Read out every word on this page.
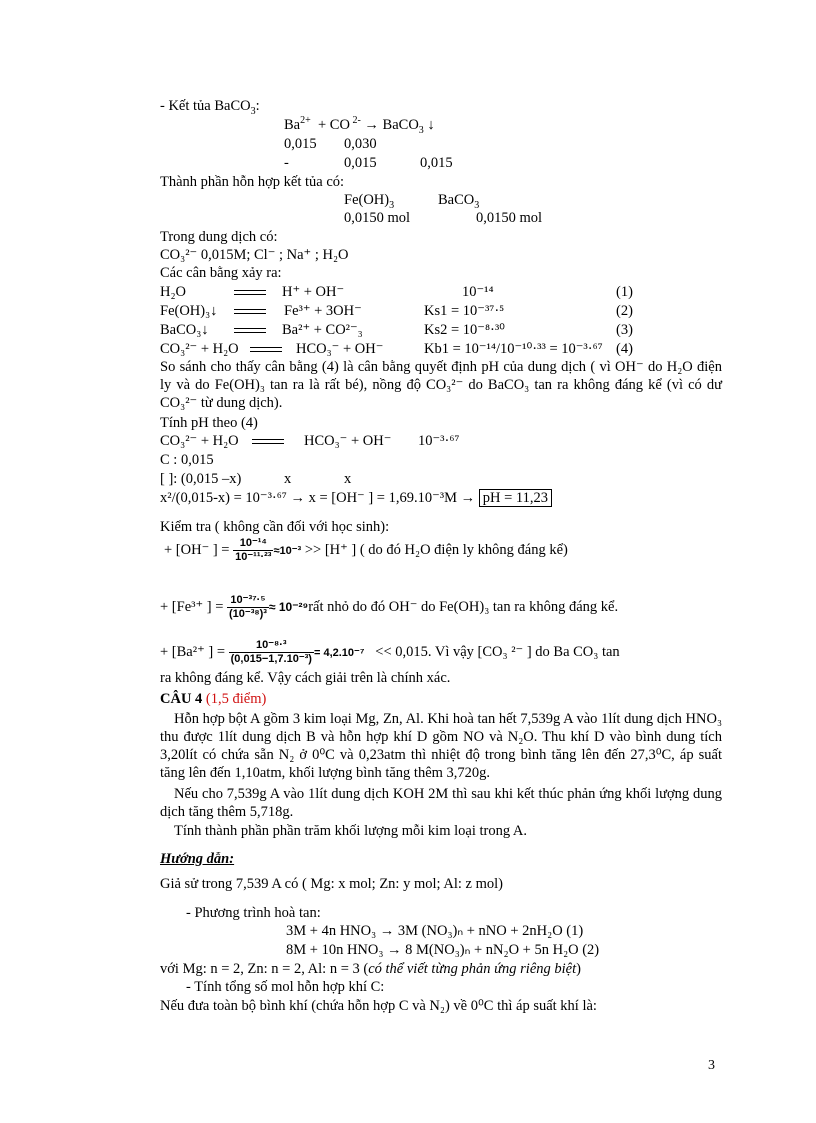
- Kết tủa BaCO$_3$:
$Ba^{2+}$ + CO $^{2-}$ → BaCO$_3$ ↓
0,015 0,030
-	0,015	0,015
Thành phần hỗn hợp kết tủa có:
$Fe(OH)_3$	BaCO$_3$
0,0150 mol	0,0150 mol
Trong dung dịch có:
CO₃²⁻ 0,015M; Cl⁻ ; Na⁺ ; H₂O
Các cân bằng xảy ra:
H₂O	H⁺ + OH⁻	10⁻¹⁴	(1)
Fe(OH)₃↓	Fe³⁺ + 3OH⁻	Ks1 = 10⁻³⁷·⁵	(2)
BaCO₃↓	Ba²⁺ + CO²⁻₃	Ks2 = 10⁻⁸·³⁰	(3)
CO₃²⁻ + H₂O	HCO₃⁻ + OH⁻	Kb1 = 10⁻¹⁴/10⁻¹⁰·³³ = 10⁻³·⁶⁷ (4)
So sánh cho thấy cân bằng (4) là cân bằng quyết định pH của dung dịch ( vì OH⁻ do H₂O điện ly và do Fe(OH)₃ tan ra là rất bé), nồng độ CO₃²⁻ do BaCO₃ tan ra không đáng kể (vì có dư CO₃²⁻ từ dung dịch).
Tính pH theo (4)
CO₃²⁻ + H₂O	HCO₃⁻ + OH⁻ 10⁻³·⁶⁷
C : 0,015
[ ]: (0,015 –x)	x	x
x²/(0,015-x) = 10⁻³·⁶⁷ → x = [OH⁻ ] = 1,69.10⁻³M → pH = 11,23
Kiểm tra ( không cần đối với học sinh):
+ [OH⁻ ] = $\frac{\text{10⁻¹⁴}}{\text{10⁻¹¹·²³}} \approx 10^{-3} >> [H^+$ ] ( do đó H₂O điện ly không đáng kể)
+ [Fe³⁺ ] = $\frac{\text{10⁻³⁷·⁵}}{\text{(10⁻³⁸)³}}$ ≈ 10⁻²⁹rất nhỏ do đó OH⁻ do Fe(OH)₃ tan ra không đáng kể.
+ [Ba²⁺ ] = $\frac{\text{10⁻⁸·³}}{\text{(0,015−1,7.10⁻³)}} = 4,2.10^{-7} << 0,015$. Vì vậy [CO₃ ²⁻ ] do Ba CO₃ tan
ra không đáng kể. Vậy cách giải trên là chính xác.
CÂU 4 (1,5 điểm)
Hỗn hợp bột A gồm 3 kim loại Mg, Zn, Al. Khi hoà tan hết 7,539g A vào 1lít dung dịch HNO₃ thu được 1lít dung dịch B và hỗn hợp khí D gồm NO và N₂O. Thu khí D vào bình dung tích 3,20lít có chứa sẵn N₂ ở 0⁰C và 0,23atm thì nhiệt độ trong bình tăng lên đến 27,3⁰C, áp suất tăng lên đến 1,10atm, khối lượng bình tăng thêm 3,720g.
Nếu cho 7,539g A vào 1lít dung dịch KOH 2M thì sau khi kết thúc phản ứng khối lượng dung dịch tăng thêm 5,718g.
Tính thành phần phần trăm khối lượng mỗi kim loại trong A.
Hướng dẫn:
Giả sử trong 7,539 A có ( Mg: x mol; Zn: y mol; Al: z mol)
- Phương trình hoà tan:
3M + 4n HNO₃ → 3M (NO₃)ₙ + nNO + 2nH₂O (1)
8M + 10n HNO₃ → 8 M(NO₃)ₙ + nN₂O + 5n H₂O (2)
với Mg: n = 2, Zn: n = 2, Al: n = 3 (có thể viết từng phản ứng riêng biệt)
- Tính tổng số mol hỗn hợp khí C:
Nếu đưa toàn bộ bình khí (chứa hỗn hợp C và N₂) về 0⁰C thì áp suất khí là:
3
